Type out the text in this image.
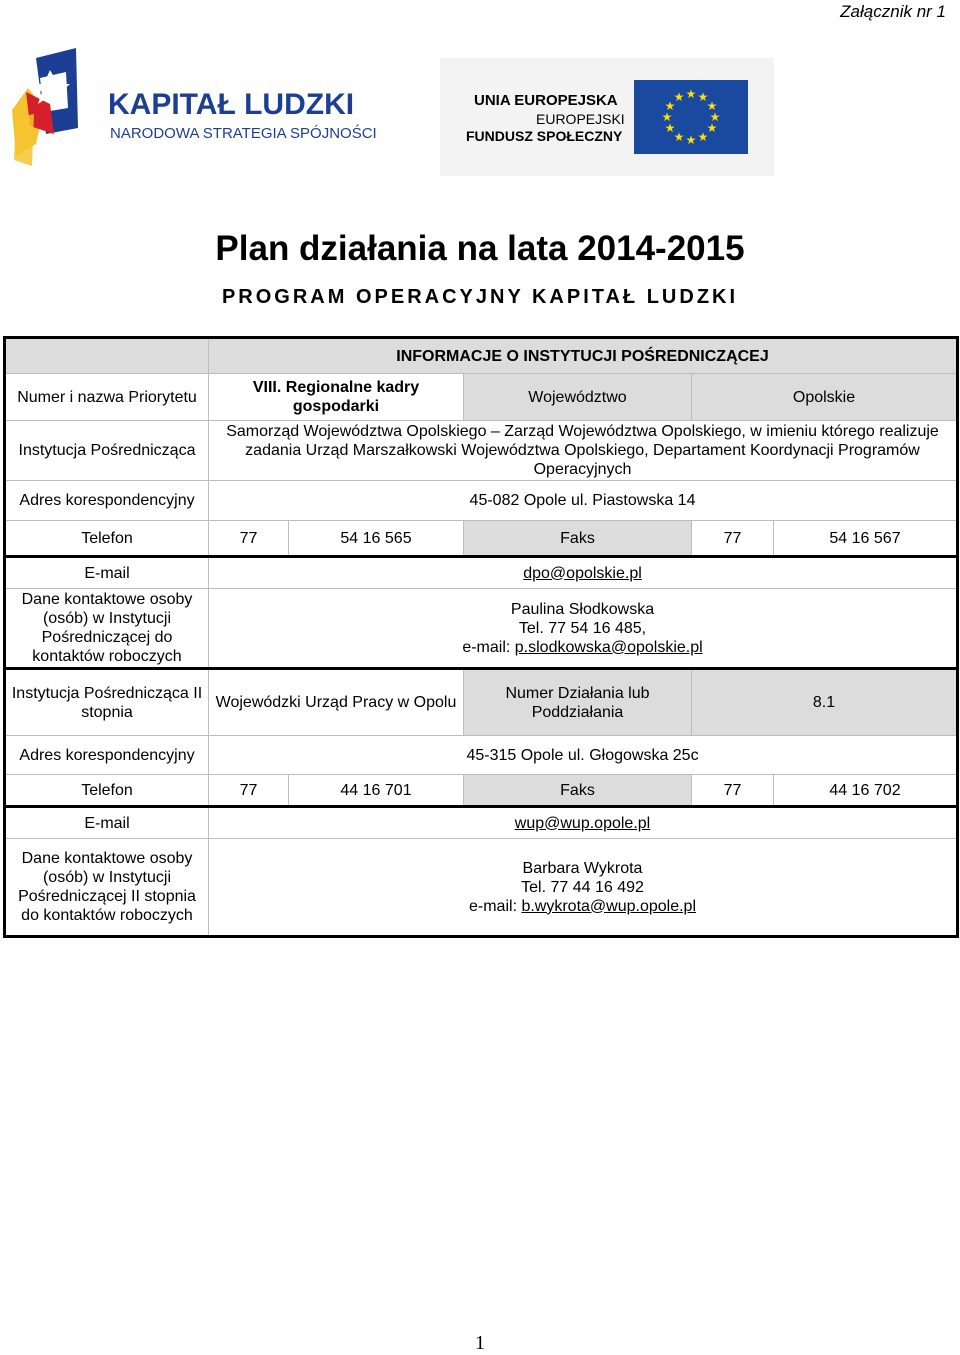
Załącznik nr 1
KAPITAŁ LUDZKI
NARODOWA STRATEGIA SPÓJNOŚCI
UNIA EUROPEJSKA
EUROPEJSKI
FUNDUSZ SPOŁECZNY
★ ★
★
★
★
★
★
★
★
★
★
★
Plan działania na lata 2014-2015
PROGRAM OPERACYJNY KAPITAŁ LUDZKI
	INFORMACJE O INSTYTUCJI POŚREDNICZĄCEJ				
Numer i nazwa Priorytetu	VIII. Regionalne kadry gospodarki		Województwo	Opolskie	
Instytucja Pośrednicząca	Samorząd Województwa Opolskiego – Zarząd Województwa Opolskiego, w imieniu którego realizuje zadania Urząd Marszałkowski Województwa Opolskiego, Departament Koordynacji Programów Operacyjnych				
Adres korespondencyjny	45-082 Opole ul. Piastowska 14				
Telefon	77	54 16 565	Faks	77	54 16 567
E-mail	dpo@opolskie.pl				
Dane kontaktowe osoby (osób) w Instytucji Pośredniczącej do kontaktów roboczych	Paulina Słodkowska
Tel. 77 54 16 485,
e-mail: p.slodkowska@opolskie.pl				

Instytucja Pośrednicząca II stopnia	Wojewódzki Urząd Pracy w Opolu		Numer Działania lub Poddziałania	8.1	
Adres korespondencyjny	45-315 Opole ul. Głogowska 25c				
Telefon	77	44 16 701	Faks	77	44 16 702
E-mail	wup@wup.opole.pl				
Dane kontaktowe osoby (osób) w Instytucji Pośredniczącej II stopnia do kontaktów roboczych	Barbara Wykrota
Tel. 77 44 16 492
e-mail: b.wykrota@wup.opole.pl				
1
